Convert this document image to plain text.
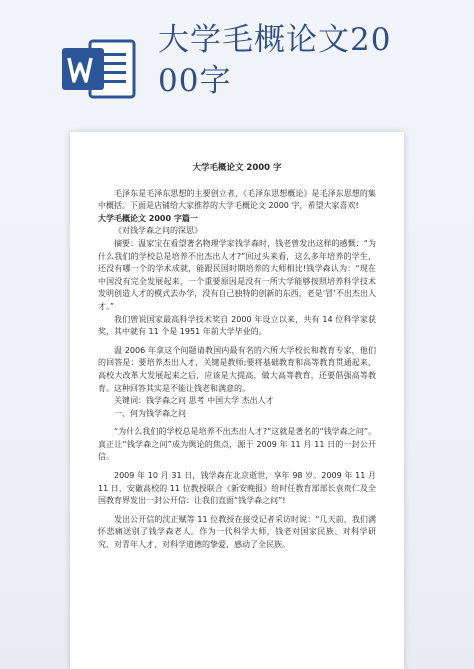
大学毛概论文2000字

大学毛概论文 2000 字

毛泽东是毛泽东思想的主要创立者，《毛泽东思想概论》是毛泽东思想的集中概括。下面是店铺给大家推荐的大学毛概论文 2000 字，希望大家喜欢!

大学毛概论文 2000 字篇一

《对钱学森之问的深思》

摘要：温家宝在看望著名物理学家钱学森时，钱老曾发出这样的感慨：“为什么我们的学校总是培养不出杰出人才?”回过头来看，这么多年培养的学生，还没有哪一个的学术成就，能跟民国时期培养的大师相比!钱学森认为：“现在中国没有完全发展起来，一个重要原因是没有一所大学能够按照培养科学技术发明创造人才的模式去办学，没有自己独特的创新的东西，老是‘冒’不出杰出人才。”

我们曾说国家最高科学技术奖自 2000 年设立以来，共有 14 位科学家获奖，其中就有 11 个是 1951 年前大学毕业的。

温 2006 年拿这个问题请教国内最有名的六所大学校长和教育专家，他们的回答是：要培养杰出人才，关键是教师;要将基础教育和高等教育贯通起来，高校大改革大发展起来之后，应该是大提高，做大高等教育，还要倡强高等教育。这种回答其实是不能让钱老和满意的。

关键词：钱学森之问 思考 中国大学 杰出人才

一、何为钱学森之问

“为什么我们的学校总是培养不出杰出人才?”这就是著名的“钱学森之问”。 真正让“钱学森之问”成为舆论的焦点，源于 2009 年 11 月 11 日的一封公开信。

2009 年 10 月 31 日，钱学森在北京逝世，享年 98 岁。2009 年 11 月 11 日，安徽高校的 11 位教授联合《新安晚报》给时任教育部部长袁贵仁及全国教育界发出一封公开信：让我们直面“钱学森之问”!

发出公开信的沈正赋等 11 位教授在接受记者采访时说：“几天前，我们满怀悲痛送别了钱学森老人。作为一代科学大师，钱老对国家民族、对科学研究、对青年人才、对科学道德的挚爱，感动了全民族。
